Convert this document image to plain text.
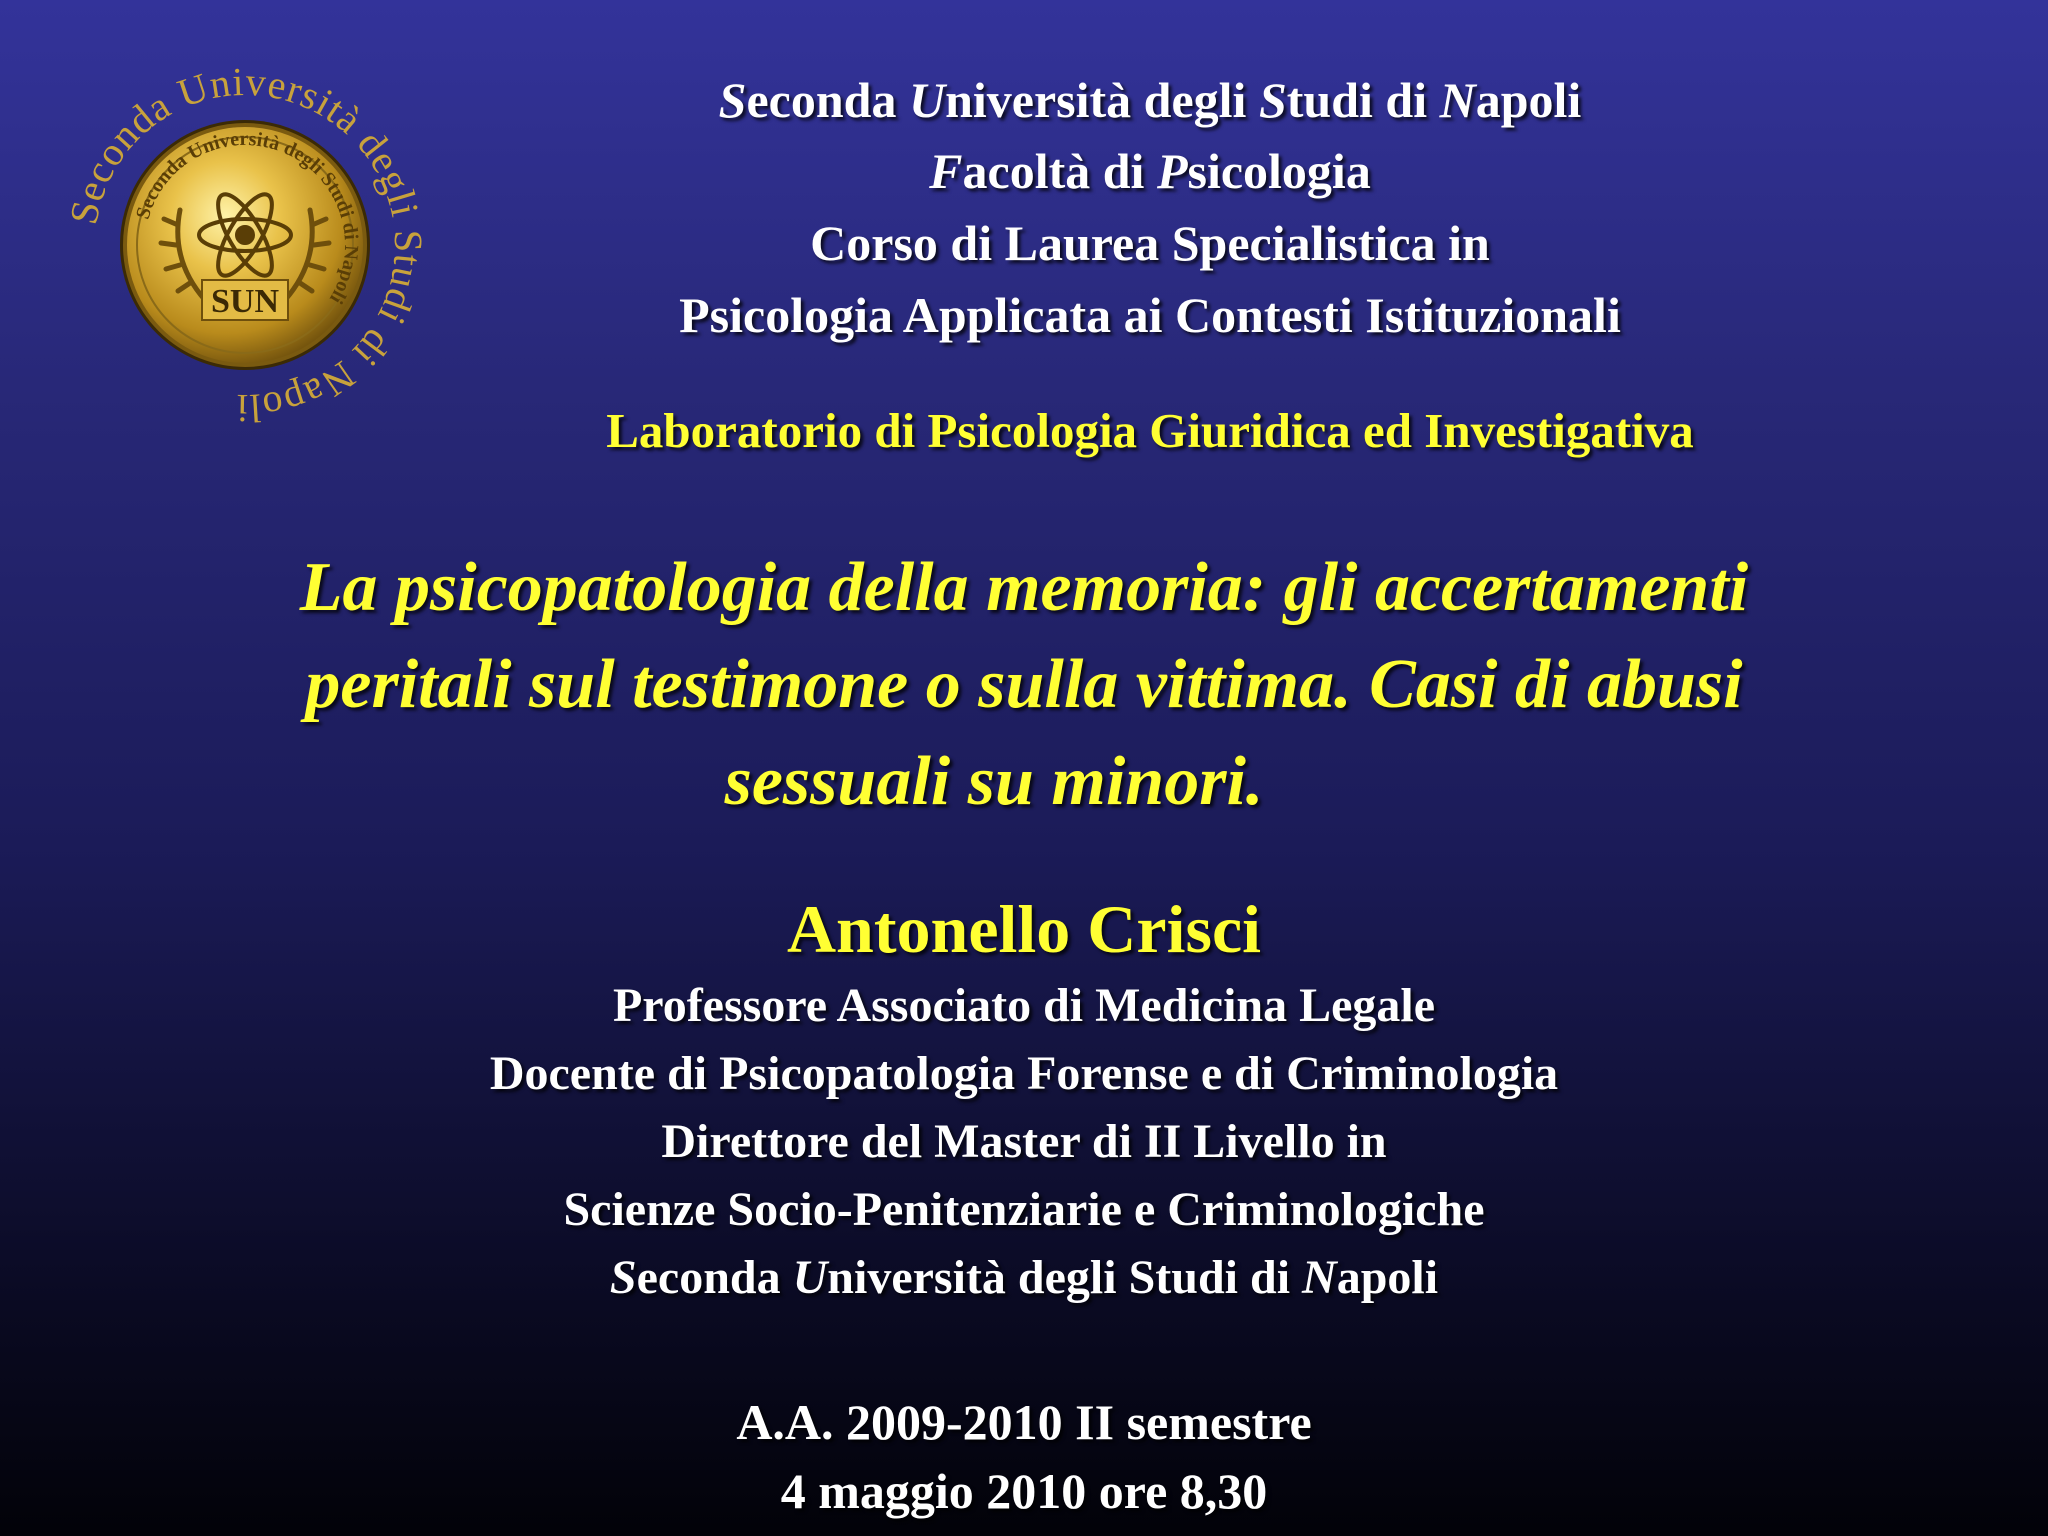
Seconda Università degli Studi di Napoli
Seconda Università degli Studi di Napoli
SUN
Seconda Università degli Studi di Napoli
Facoltà di Psicologia
Corso di Laurea Specialistica in
Psicologia Applicata ai Contesti Istituzionali
Laboratorio di Psicologia Giuridica ed Investigativa
La psicopatologia della memoria: gli accertamenti
peritali sul testimone o sulla vittima. Casi di abusi
sessuali su minori.
Antonello Crisci
Professore Associato di Medicina Legale
Docente di Psicopatologia Forense e di Criminologia
Direttore del Master di II Livello in
Scienze Socio-Penitenziarie e Criminologiche
Seconda Università degli Studi di Napoli
A.A. 2009-2010 II semestre
4 maggio 2010 ore 8,30
